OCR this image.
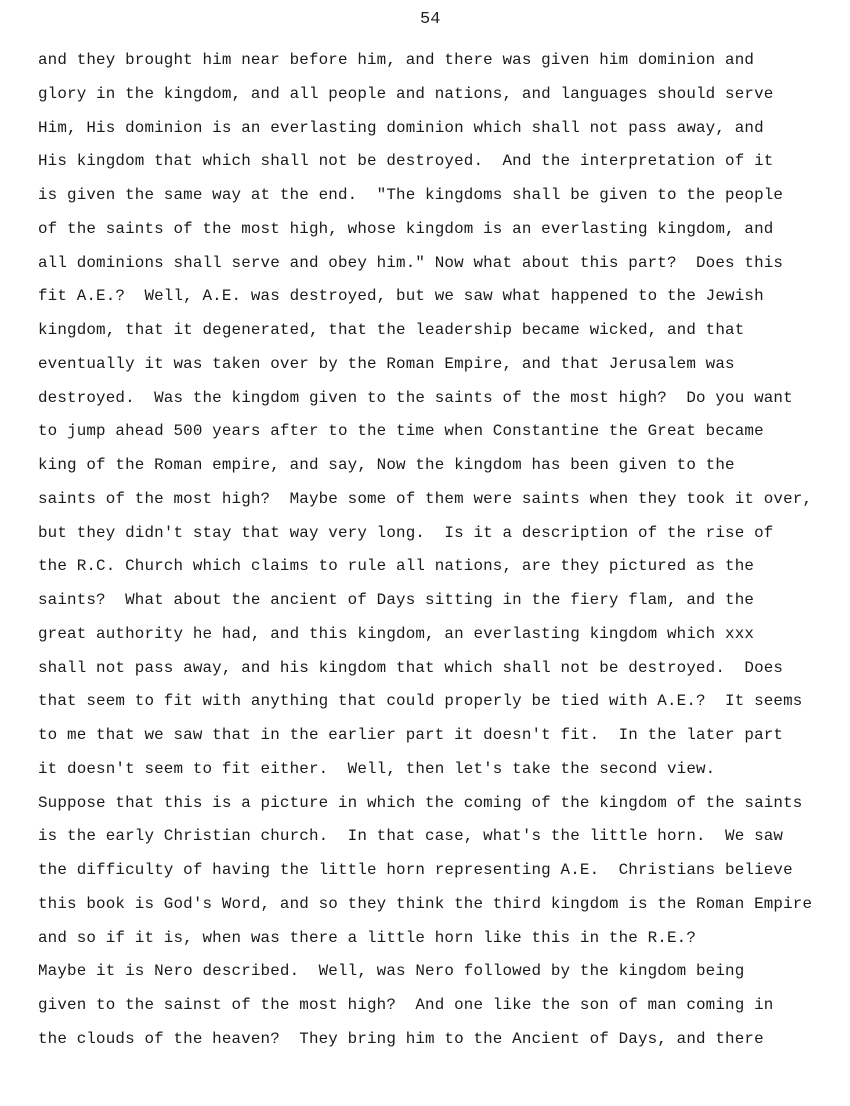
54
and they brought him near before him, and there was given him dominion and
glory in the kingdom, and all people and nations, and languages should serve
Him, His dominion is an everlasting dominion which shall not pass away, and
His kingdom that which shall not be destroyed.  And the interpretation of it
is given the same way at the end.  "The kingdoms shall be given to the people
of the saints of the most high, whose kingdom is an everlasting kingdom, and
all dominions shall serve and obey him." Now what about this part?  Does this
fit A.E.?  Well, A.E. was destroyed, but we saw what happened to the Jewish
kingdom, that it degenerated, that the leadership became wicked, and that
eventually it was taken over by the Roman Empire, and that Jerusalem was
destroyed.  Was the kingdom given to the saints of the most high?  Do you want
to jump ahead 500 years after to the time when Constantine the Great became
king of the Roman empire, and say, Now the kingdom has been given to the
saints of the most high?  Maybe some of them were saints when they took it over,
but they didn't stay that way very long.  Is it a description of the rise of
the R.C. Church which claims to rule all nations, are they pictured as the
saints?  What about the ancient of Days sitting in the fiery flam, and the
great authority he had, and this kingdom, an everlasting kingdom which xxx
shall not pass away, and his kingdom that which shall not be destroyed.  Does
that seem to fit with anything that could properly be tied with A.E.?  It seems
to me that we saw that in the earlier part it doesn't fit.  In the later part
it doesn't seem to fit either.  Well, then let's take the second view.
Suppose that this is a picture in which the coming of the kingdom of the saints
is the early Christian church.  In that case, what's the little horn.  We saw
the difficulty of having the little horn representing A.E.  Christians believe
this book is God's Word, and so they think the third kingdom is the Roman Empire
and so if it is, when was there a little horn like this in the R.E.?
Maybe it is Nero described.  Well, was Nero followed by the kingdom being
given to the sainst of the most high?  And one like the son of man coming in
the clouds of the heaven?  They bring him to the Ancient of Days, and there
